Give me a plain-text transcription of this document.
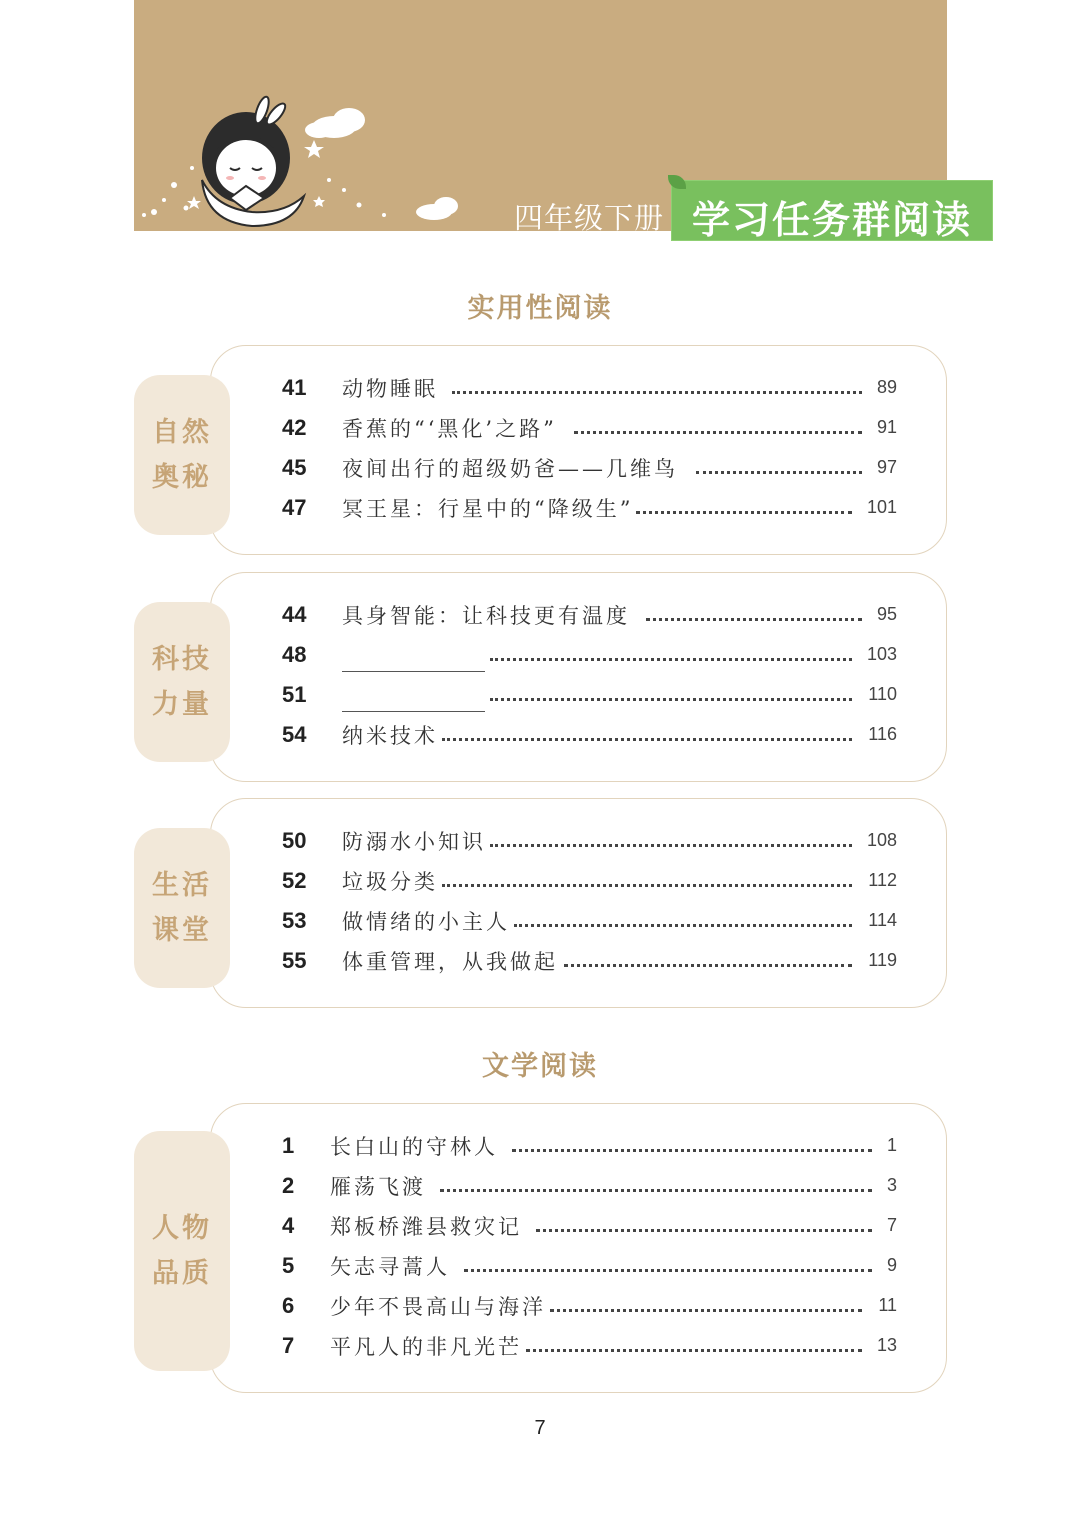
四年级下册 学习任务群阅读 索引
实用性阅读
自然
奥秘
41 动物睡眠	89
42 香蕉的“‘黑化’之路”	91
45 夜间出行的超级奶爸——几维鸟	97
47 冥王星：行星中的“降级生”	101
科技
力量
44 具身智能：让科技更有温度	95
48	103
51	110
54 纳米技术	116
生活
课堂
50 防溺水小知识	108
52 垃圾分类	112
53 做情绪的小主人	114
55 体重管理，从我做起	119
文学阅读
人物
品质
1 长白山的守林人	1
2 雁荡飞渡	3
4 郑板桥潍县救灾记	7
5 矢志寻蒿人	9
6 少年不畏高山与海洋	11
7 平凡人的非凡光芒	13
7
